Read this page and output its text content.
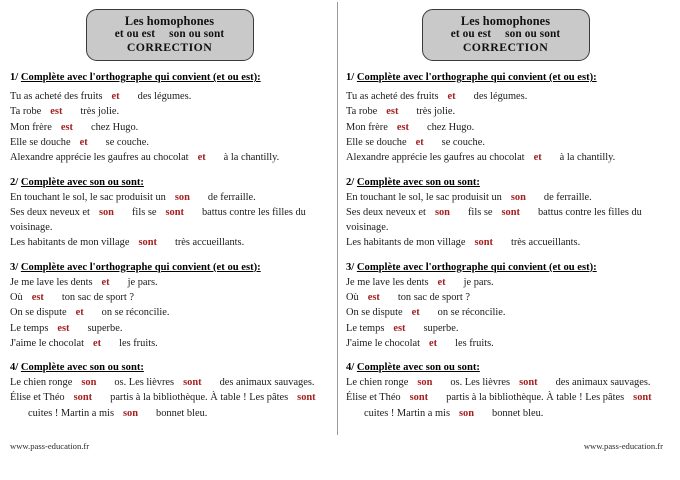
Les homophones
et ou est son ou sont
CORRECTION
1/ Complète avec l'orthographe qui convient (et ou est):
Tu as acheté des fruits et des légumes.
Ta robe est très jolie.
Mon frère est chez Hugo.
Elle se douche et se couche.
Alexandre apprécie les gaufres au chocolat et à la chantilly.
2/ Complète avec son ou sont:
En touchant le sol, le sac produisit un son de ferraille.
Ses deux neveux et son fils se sont battus contre les filles du voisinage.
Les habitants de mon village sont très accueillants.
3/ Complète avec l'orthographe qui convient (et ou est):
Je me lave les dents et je pars.
Où est ton sac de sport ?
On se dispute et on se réconcilie.
Le temps est superbe.
J'aime le chocolat et les fruits.
4/ Complète avec son ou sont:
Le chien ronge son os. Les lièvres sont des animaux sauvages.
Élise et Théo sont partis à la bibliothèque. À table ! Les pâtes sontcuites ! Martin a mis son bonnet bleu.
www.pass-education.fr
Les homophones
et ou est son ou sont
CORRECTION
1/ Complète avec l'orthographe qui convient (et ou est):
Tu as acheté des fruits et des légumes.
Ta robe est très jolie.
Mon frère est chez Hugo.
Elle se douche et se couche.
Alexandre apprécie les gaufres au chocolat et à la chantilly.
2/ Complète avec son ou sont:
En touchant le sol, le sac produisit un son de ferraille.
Ses deux neveux et son fils se sont battus contre les filles du voisinage.
Les habitants de mon village sont très accueillants.
3/ Complète avec l'orthographe qui convient (et ou est):
Je me lave les dents et je pars.
Où est ton sac de sport ?
On se dispute et on se réconcilie.
Le temps est superbe.
J'aime le chocolat et les fruits.
4/ Complète avec son ou sont:
Le chien ronge son os. Les lièvres sont des animaux sauvages.
Élise et Théo sont partis à la bibliothèque. À table ! Les pâtes sontcuites ! Martin a mis son bonnet bleu.
www.pass-education.fr
